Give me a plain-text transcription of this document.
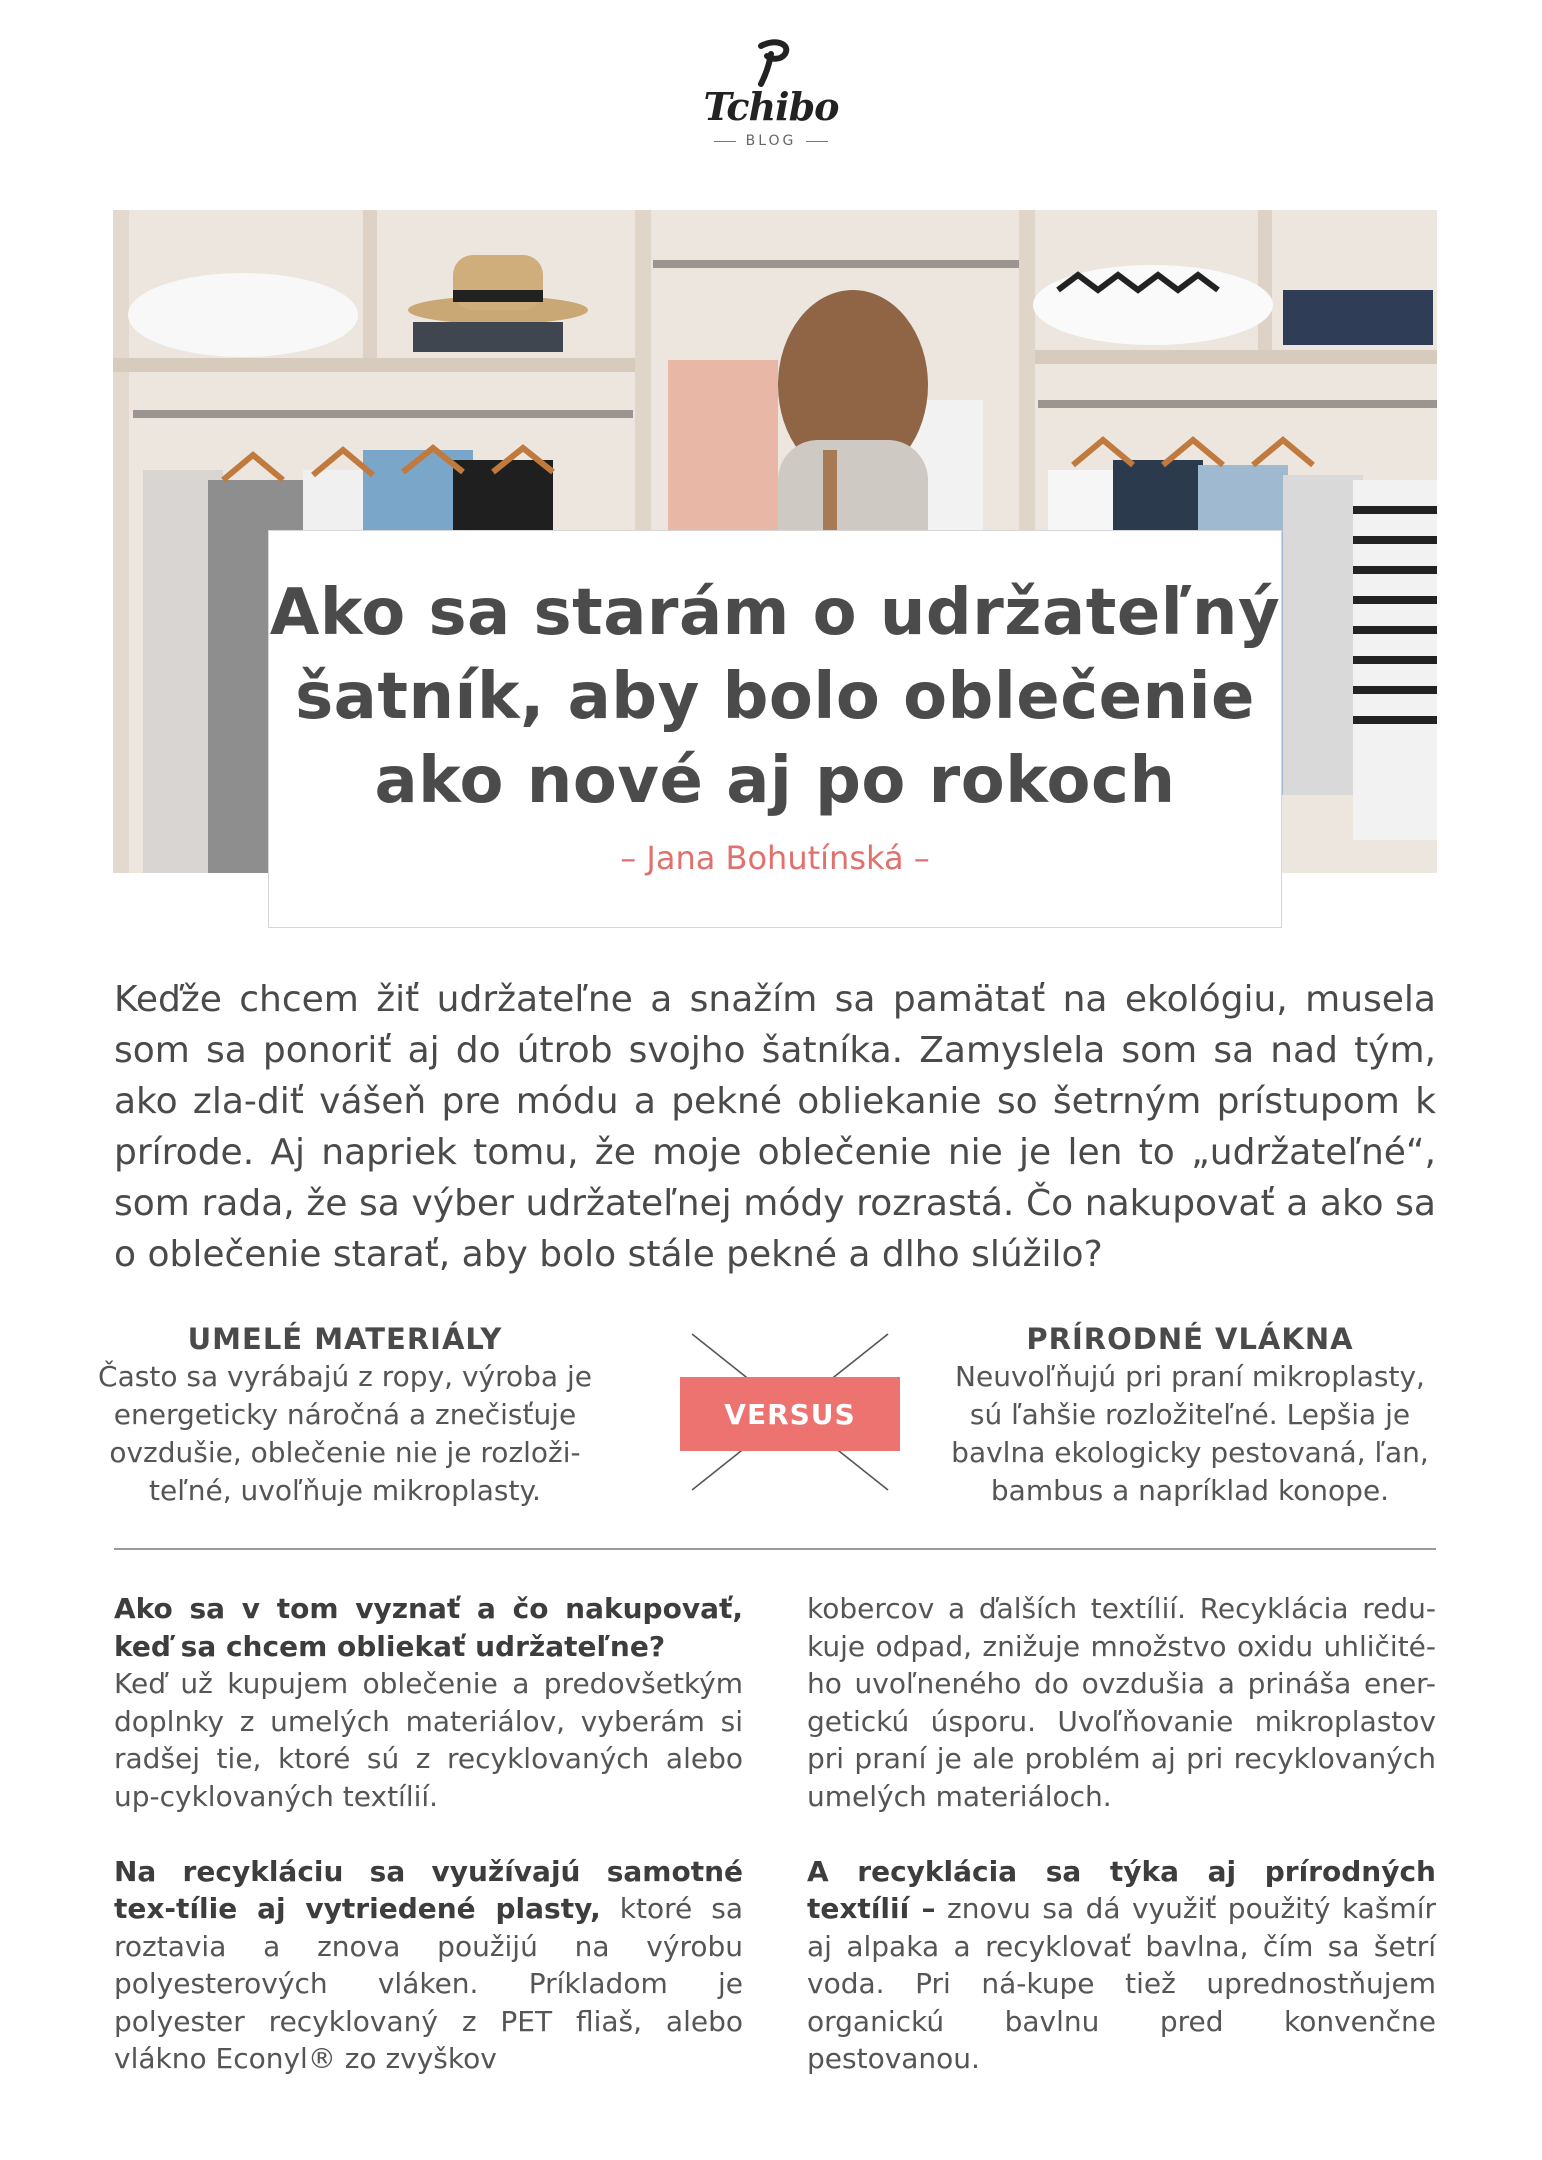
Tchibo
BLOG
Ako sa starám o udržateľný
šatník, aby bolo oblečenie
ako nové aj po rokoch
– Jana Bohutínská –

Keďže chcem žiť udržateľne a snažím sa pamätať na ekológiu, musela som sa ponoriť aj do útrob svojho šatníka. Zamyslela som sa nad tým, ako zla-diť vášeň pre módu a pekné obliekanie so šetrným prístupom k prírode. Aj napriek tomu, že moje oblečenie nie je len to „udržateľné“, som rada, že sa výber udržateľnej módy rozrastá. Čo nakupovať a ako sa o oblečenie starať, aby bolo stále pekné a dlho slúžilo?

UMELÉ MATERIÁLY

Často sa vyrábajú z ropy, výroba je energeticky náročná a znečisťuje ovzdušie, oblečenie nie je rozloži-teľné, uvoľňuje mikroplasty.

VERSUS
PRÍRODNÉ VLÁKNA

Neuvoľňujú pri praní mikroplasty, sú ľahšie rozložiteľné. Lepšia je bavlna ekologicky pestovaná, ľan, bambus a napríklad konope.

Ako sa v tom vyznať a čo nakupovať, keď sa chcem obliekať udržateľne?
Keď už kupujem oblečenie a predovšetkým doplnky z umelých materiálov, vyberám si radšej tie, ktoré sú z recyklovaných alebo up-cyklovaných textílií.

Na recykláciu sa využívajú samotné tex-tílie aj vytriedené plasty, ktoré sa roztavia a znova použijú na výrobu polyesterových vláken. Príkladom je polyester recyklovaný z PET fliaš, alebo vlákno Econyl® zo zvyškov

kobercov a ďalších textílií. Recyklácia redu-kuje odpad, znižuje množstvo oxidu uhličité-ho uvoľneného do ovzdušia a prináša ener-getickú úsporu. Uvoľňovanie mikroplastov pri praní je ale problém aj pri recyklovaných umelých materiáloch.

A recyklácia sa týka aj prírodných textílií – znovu sa dá využiť použitý kašmír aj alpaka a recyklovať bavlna, čím sa šetrí voda. Pri ná-kupe tiež uprednostňujem organickú bavlnu pred konvenčne pestovanou.
